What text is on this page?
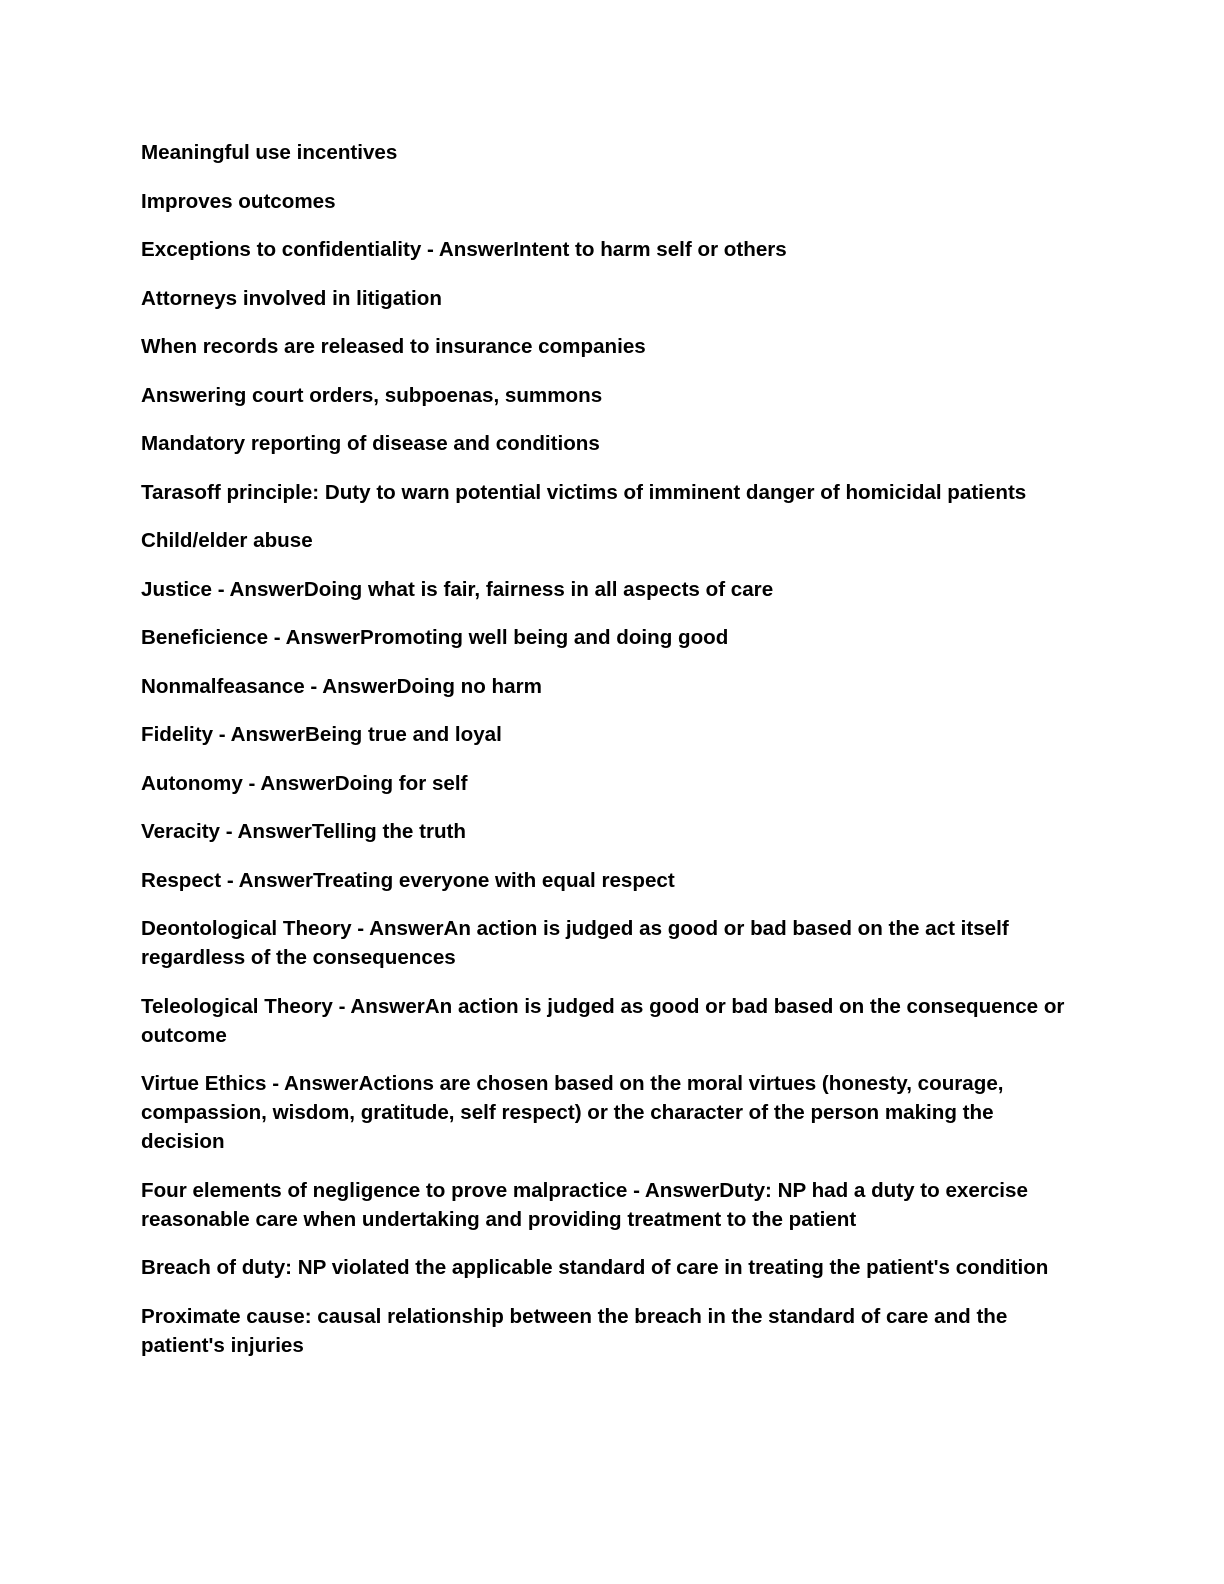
Meaningful use incentives

Improves outcomes

Exceptions to confidentiality - AnswerIntent to harm self or others

Attorneys involved in litigation

When records are released to insurance companies

Answering court orders, subpoenas, summons

Mandatory reporting of disease and conditions

Tarasoff principle: Duty to warn potential victims of imminent danger of homicidal patients

Child/elder abuse

Justice - AnswerDoing what is fair, fairness in all aspects of care

Beneficience - AnswerPromoting well being and doing good

Nonmalfeasance - AnswerDoing no harm

Fidelity - AnswerBeing true and loyal

Autonomy - AnswerDoing for self

Veracity - AnswerTelling the truth

Respect - AnswerTreating everyone with equal respect

Deontological Theory - AnswerAn action is judged as good or bad based on the act itself regardless of the consequences

Teleological Theory - AnswerAn action is judged as good or bad based on the consequence or outcome

Virtue Ethics - AnswerActions are chosen based on the moral virtues (honesty, courage, compassion, wisdom, gratitude, self respect) or the character of the person making the decision

Four elements of negligence to prove malpractice - AnswerDuty: NP had a duty to exercise reasonable care when undertaking and providing treatment to the patient

Breach of duty: NP violated the applicable standard of care in treating the patient's condition

Proximate cause: causal relationship between the breach in the standard of care and the patient's injuries
